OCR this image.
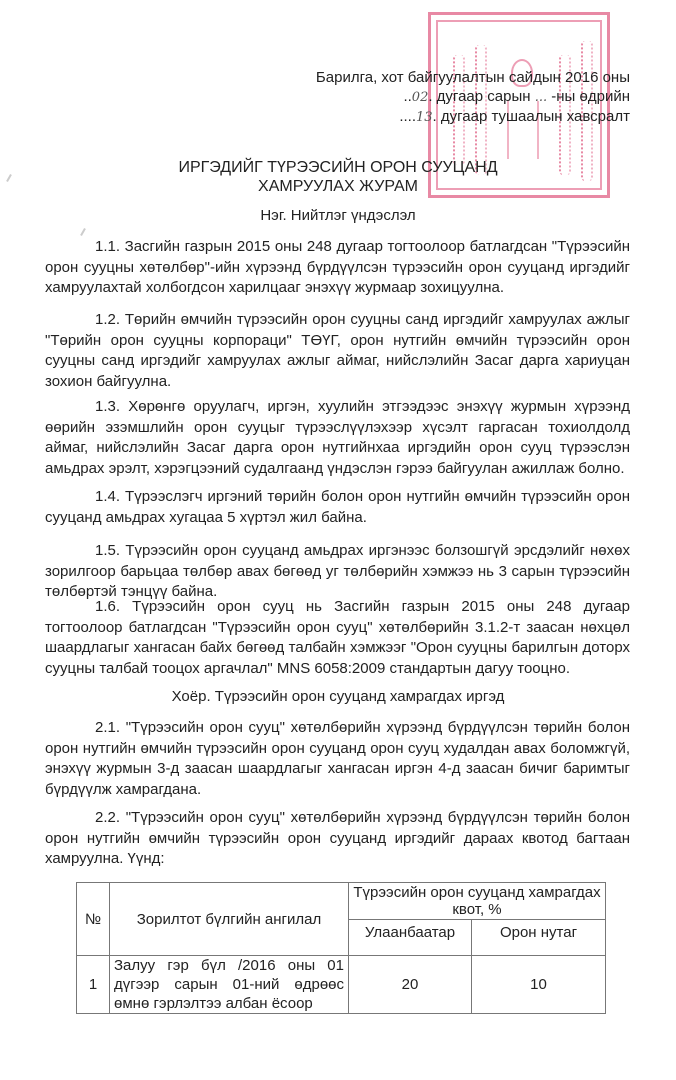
Барилга, хот байгуулалтын сайдын 2016 оны
..02. дугаар сарын ... -ны өдрийн
....13. дугаар тушаалын хавсралт
ИРГЭДИЙГ ТҮРЭЭСИЙН ОРОН СУУЦАНД
ХАМРУУЛАХ ЖУРАМ
Нэг. Нийтлэг үндэслэл
1.1. Засгийн газрын 2015 оны 248 дугаар тогтоолоор батлагдсан "Түрээсийн орон сууцны хөтөлбөр"-ийн хүрээнд бүрдүүлсэн түрээсийн орон сууцанд иргэдийг хамруулахтай холбогдсон харилцааг энэхүү журмаар зохицуулна.
1.2. Төрийн өмчийн түрээсийн орон сууцны санд иргэдийг хамруулах ажлыг "Төрийн орон сууцны корпораци" ТӨҮГ, орон нутгийн өмчийн түрээсийн орон сууцны санд иргэдийг хамруулах ажлыг аймаг, нийслэлийн Засаг дарга хариуцан зохион байгуулна.
1.3. Хөрөнгө оруулагч, иргэн, хуулийн этгээдээс энэхүү журмын хүрээнд өөрийн эзэмшлийн орон сууцыг түрээслүүлэхээр хүсэлт гаргасан тохиолдолд аймаг, нийслэлийн Засаг дарга орон нутгийнхаа иргэдийн орон сууц түрээслэн амьдрах эрэлт, хэрэгцээний судалгаанд үндэслэн гэрээ байгуулан ажиллаж болно.
1.4. Түрээслэгч иргэний төрийн болон орон нутгийн өмчийн түрээсийн орон сууцанд амьдрах хугацаа 5 хүртэл жил байна.
1.5. Түрээсийн орон сууцанд амьдрах иргэнээс болзошгүй эрсдэлийг нөхөх зорилгоор барьцаа төлбөр авах бөгөөд уг төлбөрийн хэмжээ нь 3 сарын түрээсийн төлбөртэй тэнцүү байна.
1.6. Түрээсийн орон сууц нь Засгийн газрын 2015 оны 248 дугаар тогтоолоор батлагдсан "Түрээсийн орон сууц" хөтөлбөрийн 3.1.2-т заасан нөхцөл шаардлагыг хангасан байх бөгөөд талбайн хэмжээг "Орон сууцны барилгын доторх сууцны талбай тооцох аргачлал" MNS 6058:2009 стандартын дагуу тооцно.
Хоёр. Түрээсийн орон сууцанд хамрагдах иргэд
2.1. "Түрээсийн орон сууц" хөтөлбөрийн хүрээнд бүрдүүлсэн төрийн болон орон нутгийн өмчийн түрээсийн орон сууцанд орон сууц худалдан авах боломжгүй, энэхүү журмын 3-д заасан шаардлагыг хангасан иргэн 4-д заасан бичиг баримтыг бүрдүүлж хамрагдана.
2.2. "Түрээсийн орон сууц" хөтөлбөрийн хүрээнд бүрдүүлсэн төрийн болон орон нутгийн өмчийн түрээсийн орон сууцанд иргэдийг дараах квотод багтаан хамруулна. Үүнд:
№	Зорилтот бүлгийн ангилал	Түрээсийн орон сууцанд хамрагдах квот, %	
		Улаанбаатар	Орон нутаг
1	Залуу гэр бүл /2016 оны 01 дүгээр сарын 01-ний өдрөөс өмнө гэрлэлтээ албан ёсоор	20	10
